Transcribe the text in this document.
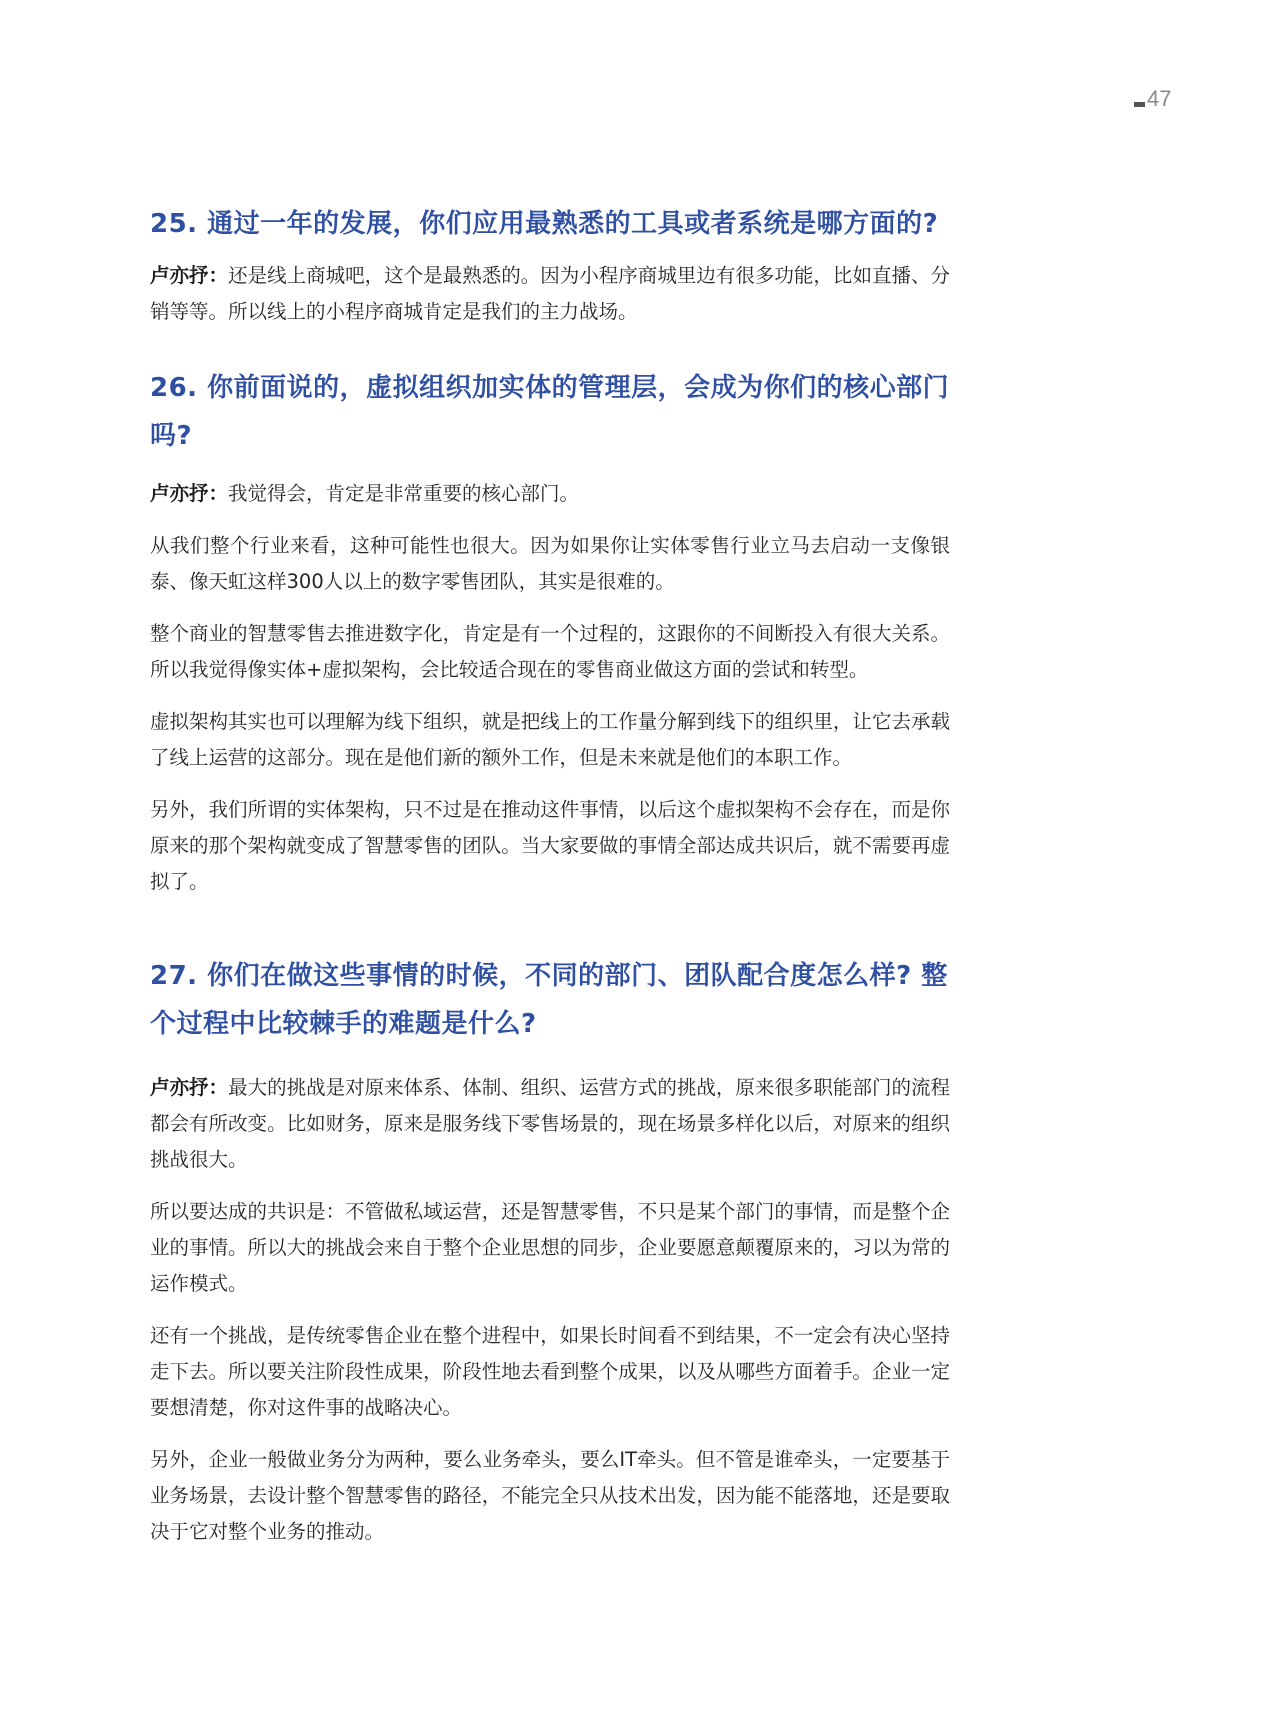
47
25. 通过一年的发展，你们应用最熟悉的工具或者系统是哪方面的?

卢亦抒：还是线上商城吧，这个是最熟悉的。因为小程序商城里边有很多功能，比如直播、分销等等。所以线上的小程序商城肯定是我们的主力战场。

26. 你前面说的，虚拟组织加实体的管理层，会成为你们的核心部门吗?

卢亦抒：我觉得会，肯定是非常重要的核心部门。

从我们整个行业来看，这种可能性也很大。因为如果你让实体零售行业立马去启动一支像银泰、像天虹这样300人以上的数字零售团队，其实是很难的。

整个商业的智慧零售去推进数字化，肯定是有一个过程的，这跟你的不间断投入有很大关系。所以我觉得像实体+虚拟架构，会比较适合现在的零售商业做这方面的尝试和转型。

虚拟架构其实也可以理解为线下组织，就是把线上的工作量分解到线下的组织里，让它去承载了线上运营的这部分。现在是他们新的额外工作，但是未来就是他们的本职工作。

另外，我们所谓的实体架构，只不过是在推动这件事情，以后这个虚拟架构不会存在，而是你原来的那个架构就变成了智慧零售的团队。当大家要做的事情全部达成共识后，就不需要再虚拟了。

27. 你们在做这些事情的时候，不同的部门、团队配合度怎么样? 整个过程中比较棘手的难题是什么?

卢亦抒：最大的挑战是对原来体系、体制、组织、运营方式的挑战，原来很多职能部门的流程都会有所改变。比如财务，原来是服务线下零售场景的，现在场景多样化以后，对原来的组织挑战很大。

所以要达成的共识是：不管做私域运营，还是智慧零售，不只是某个部门的事情，而是整个企业的事情。所以大的挑战会来自于整个企业思想的同步，企业要愿意颠覆原来的，习以为常的运作模式。

还有一个挑战，是传统零售企业在整个进程中，如果长时间看不到结果，不一定会有决心坚持走下去。所以要关注阶段性成果，阶段性地去看到整个成果，以及从哪些方面着手。企业一定要想清楚，你对这件事的战略决心。

另外，企业一般做业务分为两种，要么业务牵头，要么IT牵头。但不管是谁牵头，一定要基于业务场景，去设计整个智慧零售的路径，不能完全只从技术出发，因为能不能落地，还是要取决于它对整个业务的推动。
